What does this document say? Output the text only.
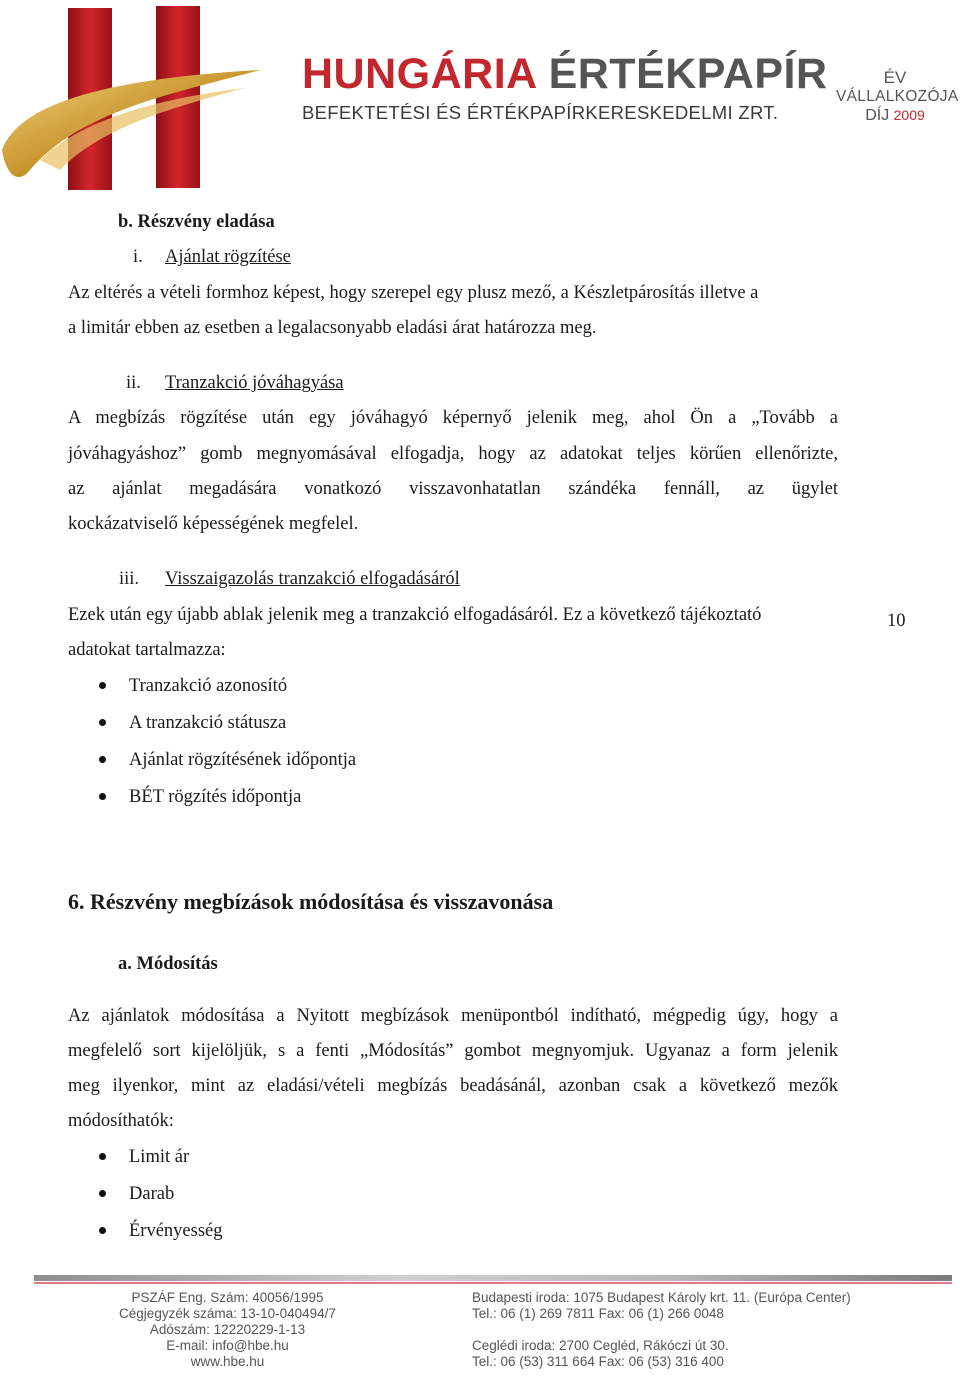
HUNGÁRIA ÉRTÉKPAPÍR
BEFEKTETÉSI ÉS ÉRTÉKPAPÍRKERESKEDELMI ZRT.
ÉV
VÁLLALKOZÓJA
DÍJ 2009
b. Részvény eladása
i. Ajánlat rögzítése
Az eltérés a vételi formhoz képest, hogy szerepel egy plusz mező, a Készletpárosítás illetve a
a limitár ebben az esetben a legalacsonyabb eladási árat határozza meg.
ii. Tranzakció jóváhagyása
A megbízás rögzítése után egy jóváhagyó képernyő jelenik meg, ahol Ön a „Tovább a
jóváhagyáshoz” gomb megnyomásával elfogadja, hogy az adatokat teljes körűen ellenőrizte,
az ajánlat megadására vonatkozó visszavonhatatlan szándéka fennáll, az ügylet
kockázatviselő képességének megfelel.
iii. Visszaigazolás tranzakció elfogadásáról
Ezek után egy újabb ablak jelenik meg a tranzakció elfogadásáról. Ez a következő tájékoztató
adatokat tartalmazza:
10
Tranzakció azonosító
A tranzakció státusza
Ajánlat rögzítésének időpontja
BÉT rögzítés időpontja
6. Részvény megbízások módosítása és visszavonása
a. Módosítás
Az ajánlatok módosítása a Nyitott megbízások menüpontból indítható, mégpedig úgy, hogy a
megfelelő sort kijelöljük, s a fenti „Módosítás” gombot megnyomjuk. Ugyanaz a form jelenik
meg ilyenkor, mint az eladási/vételi megbízás beadásánál, azonban csak a következő mezők
módosíthatók:
Limit ár
Darab
Érvényesség
PSZÁF Eng. Szám: 40056/1995
Cégjegyzék száma: 13-10-040494/7
Adószám: 12220229-1-13
E-mail: info@hbe.hu
www.hbe.hu
Budapesti iroda: 1075 Budapest Károly krt. 11. (Európa Center)
Tel.: 06 (1) 269 7811 Fax: 06 (1) 266 0048
Ceglédi iroda: 2700 Cegléd, Rákóczi út 30.
Tel.: 06 (53) 311 664 Fax: 06 (53) 316 400
